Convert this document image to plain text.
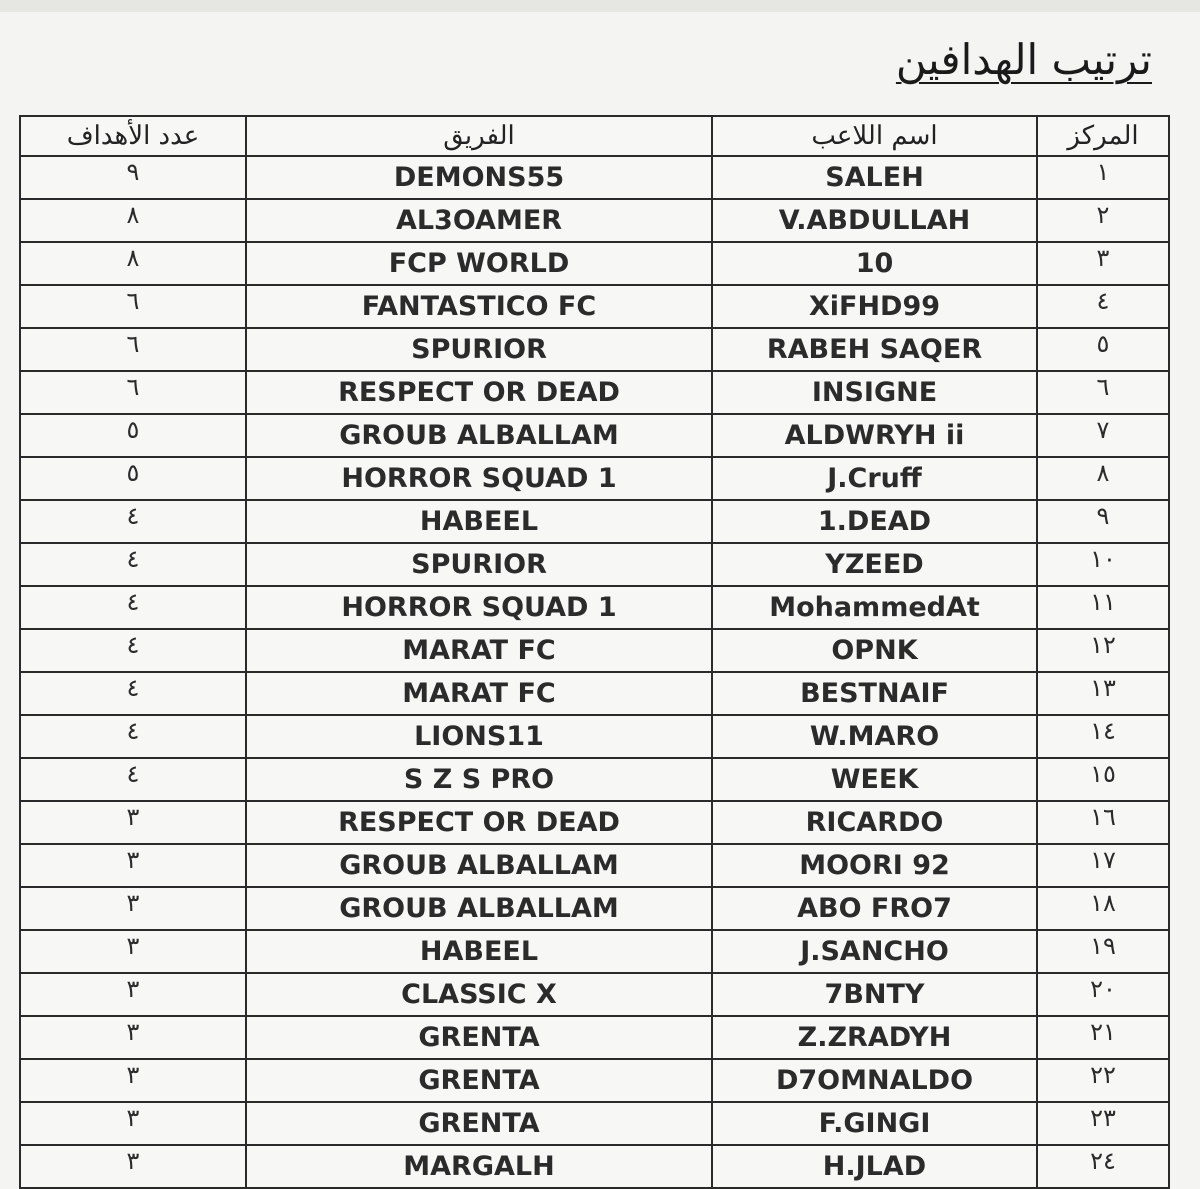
ترتيب الهدافين
عدد الأهداف	الفريق	اسم اللاعب	المركز
٩	DEMONS55	SALEH	١
٨	AL3OAMER	V.ABDULLAH	٢
٨	FCP WORLD	10	٣
٦	FANTASTICO FC	XiFHD99	٤
٦	SPURIOR	RABEH SAQER	٥
٦	RESPECT OR DEAD	INSIGNE	٦
٥	GROUB ALBALLAM	ALDWRYH ii	٧
٥	HORROR SQUAD 1	J.Cruff	٨
٤	HABEEL	1.DEAD	٩
٤	SPURIOR	YZEED	١٠
٤	HORROR SQUAD 1	MohammedAt	١١
٤	MARAT FC	OPNK	١٢
٤	MARAT FC	BESTNAIF	١٣
٤	LIONS11	W.MARO	١٤
٤	S Z S PRO	WEEK	١٥
٣	RESPECT OR DEAD	RICARDO	١٦
٣	GROUB ALBALLAM	MOORI 92	١٧
٣	GROUB ALBALLAM	ABO FRO7	١٨
٣	HABEEL	J.SANCHO	١٩
٣	CLASSIC X	7BNTY	٢٠
٣	GRENTA	Z.ZRADYH	٢١
٣	GRENTA	D7OMNALDO	٢٢
٣	GRENTA	F.GINGI	٢٣
٣	MARGALH	H.JLAD	٢٤
